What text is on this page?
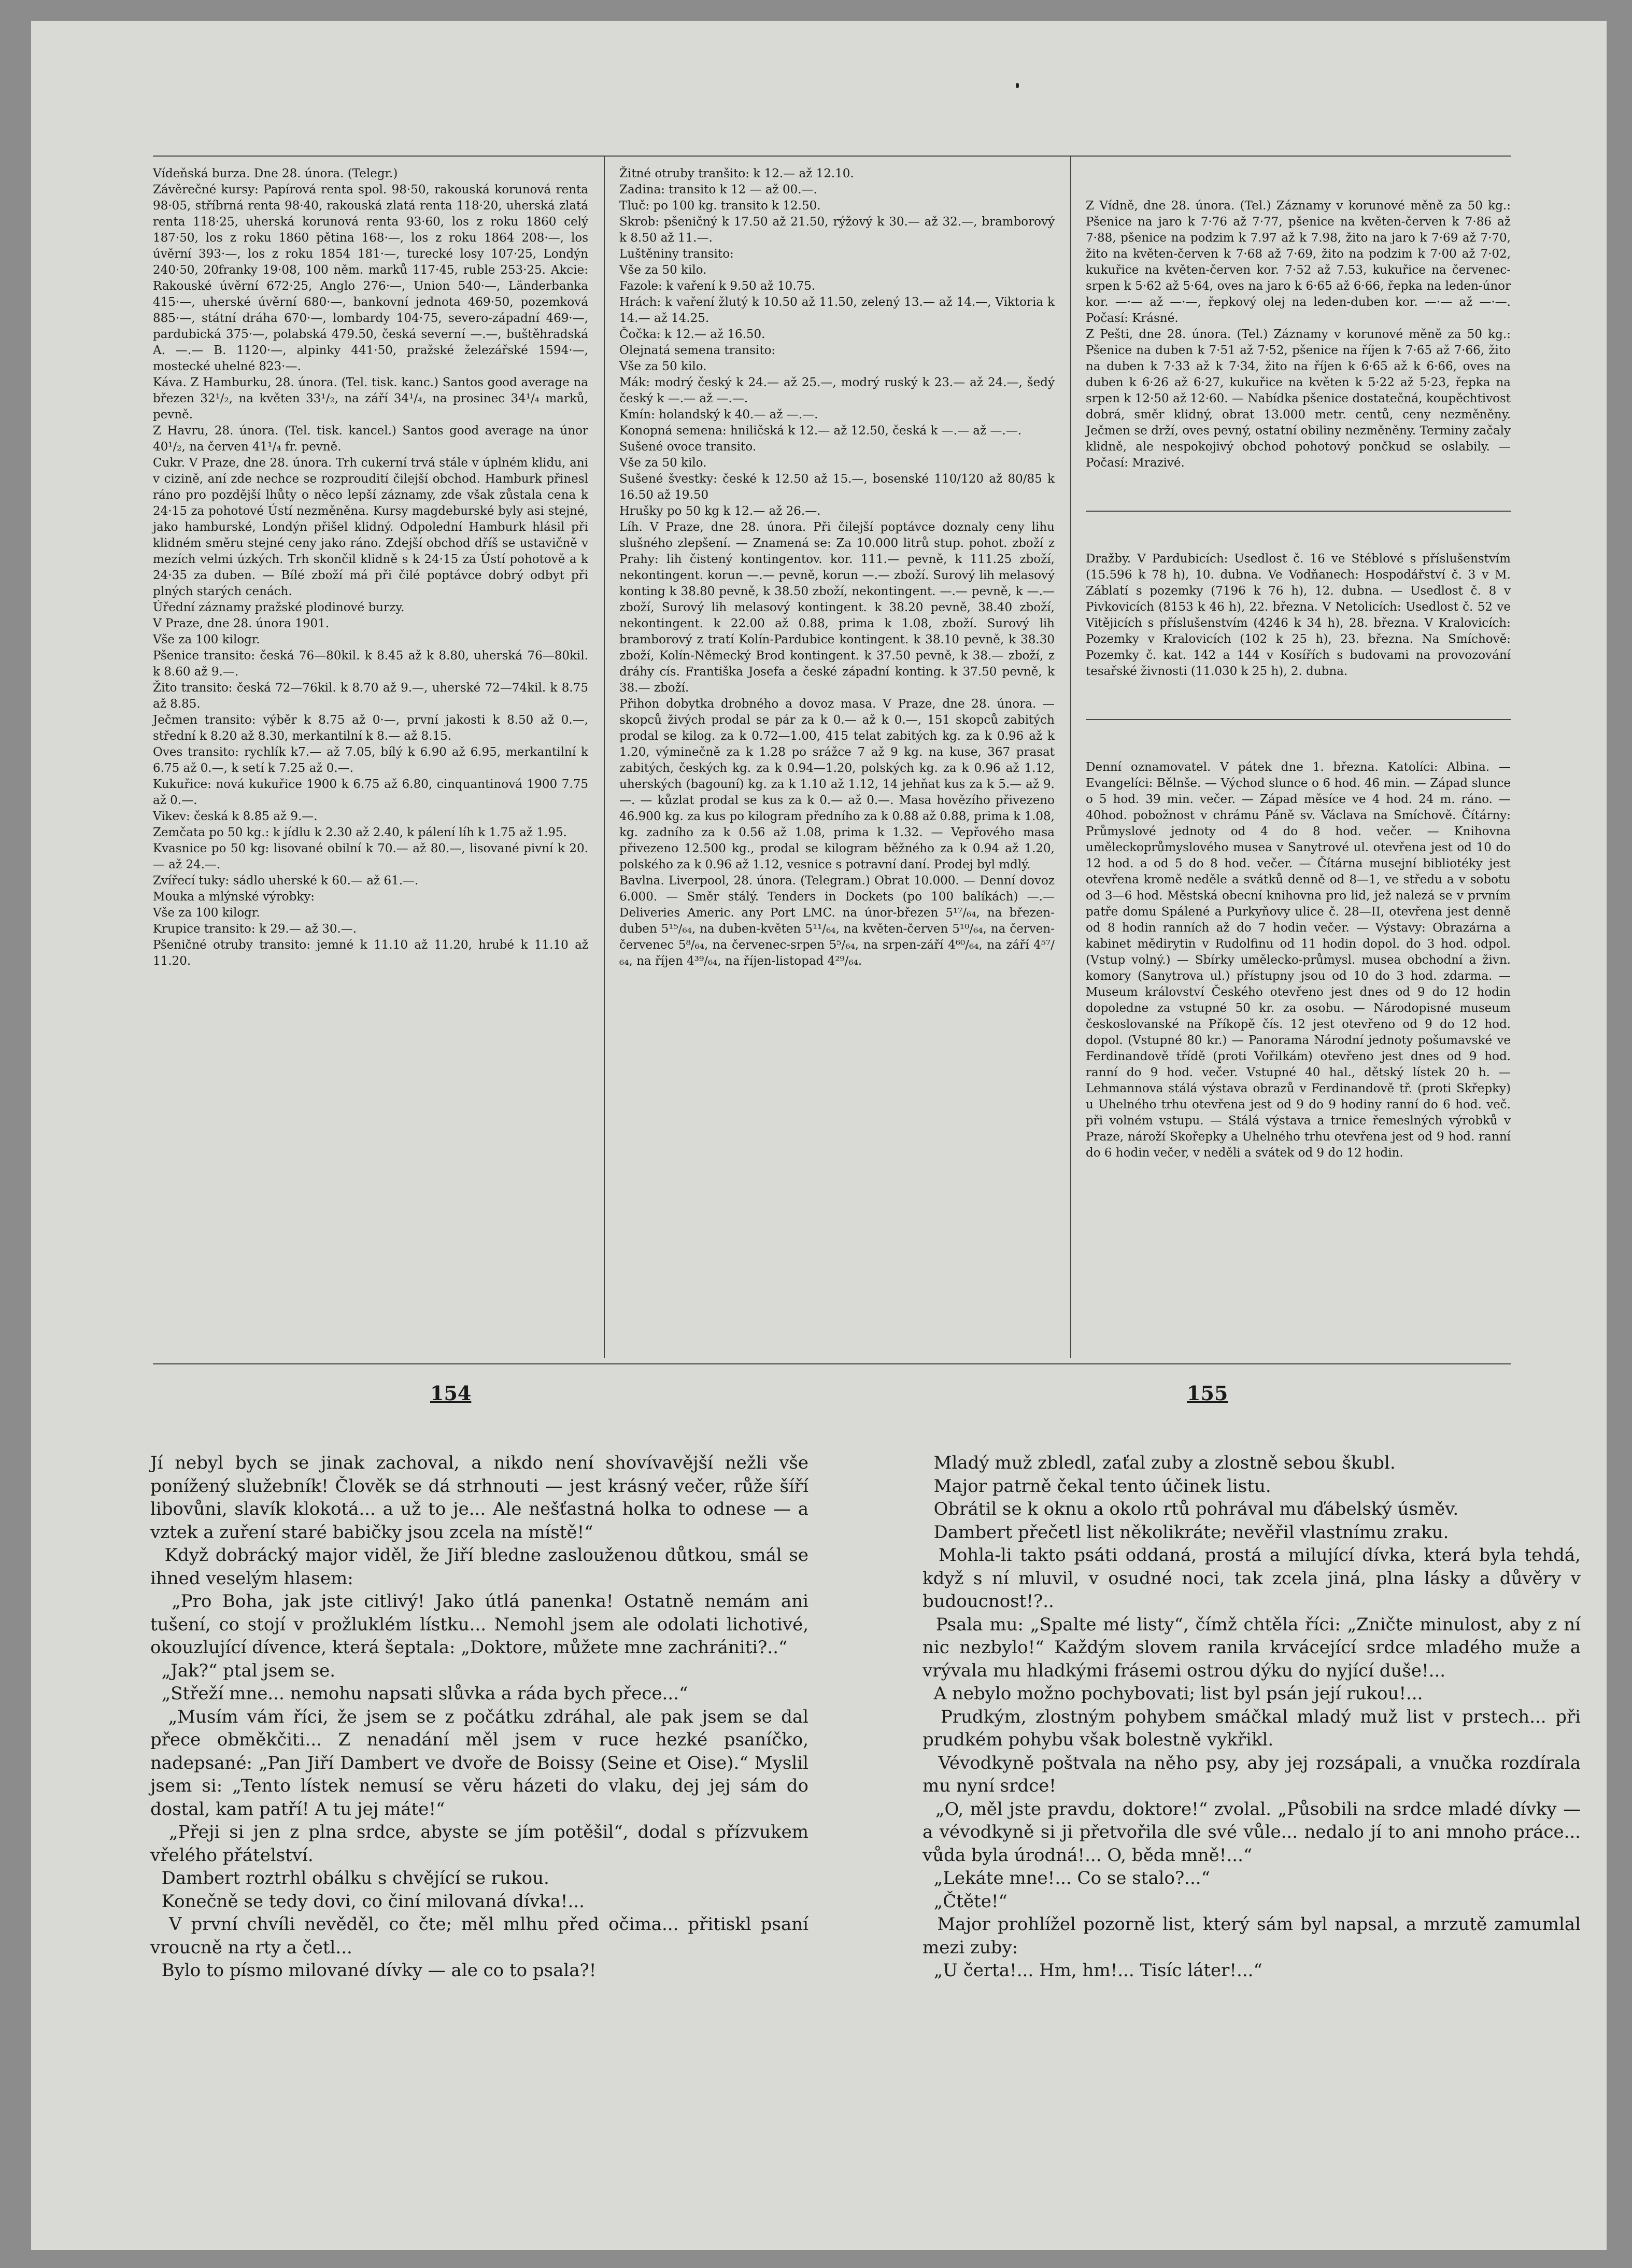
Vídeňská burza. Dne 28. února. (Telegr.)
Závěrečné kursy: Papírová renta spol. 98·50, rakouská korunová renta 98·05, stříbrná renta 98·40, rakouská zlatá renta 118·20, uherská zlatá renta 118·25, uherská korunová renta 93·60, los z roku 1860 celý 187·50, los z roku 1860 pětina 168·—, los z roku 1864 208·—, los úvěrní 393·—, los z roku 1854 181·—, turecké losy 107·25, Londýn 240·50, 20franky 19·08, 100 něm. marků 117·45, ruble 253·25. Akcie: Rakouské úvěrní 672·25, Anglo 276·—, Union 540·—, Länderbanka 415·—, uherské úvěrní 680·—, bankovní jednota 469·50, pozemková 885·—, státní dráha 670·—, lombardy 104·75, severo-západní 469·—, pardubická 375·—, polabská 479.50, česká severní —.—, buštěhradská A. —.— B. 1120·—, alpinky 441·50, pražské železářské 1594·—, mostecké uhelné 823·—.
Káva. Z Hamburku, 28. února. (Tel. tisk. kanc.) Santos good average na březen 32¹/₂, na květen 33¹/₂, na září 34¹/₄, na prosinec 34¹/₄ marků, pevně.
Z Havru, 28. února. (Tel. tisk. kancel.) Santos good average na únor 40¹/₂, na červen 41¹/₄ fr. pevně.
Cukr. V Praze, dne 28. února. Trh cukerní trvá stále v úplném klidu, ani v cizině, aní zde nechce se rozproudití čilejší obchod. Hamburk přinesl ráno pro pozdější lhůty o něco lepší záznamy, zde však zůstala cena k 24·15 za pohotové Ústí nezměněna. Kursy magdeburské byly asi stejné, jako hamburské, Londýn přišel klidný. Odpolední Hamburk hlásil při klidném směru stejné ceny jako ráno. Zdejší obchod dříš se ustavičně v mezích velmi úzkých. Trh skončil klidně s k 24·15 za Ústí pohotově a k 24·35 za duben. — Bílé zboží má při čilé poptávce dobrý odbyt při plných starých cenách.
Úřední záznamy pražské plodinové burzy.
V Praze, dne 28. února 1901.
Vše za 100 kilogr.
Pšenice transito: česká 76—80kil. k 8.45 až k 8.80, uherská 76—80kil. k 8.60 až 9.—.
Žito transito: česká 72—76kil. k 8.70 až 9.—, uherské 72—74kil. k 8.75 až 8.85.
Ječmen transito: výběr k 8.75 až 0·—, první jakosti k 8.50 až 0.—, střední k 8.20 až 8.30, merkantilní k 8.— až 8.15.
Oves transito: rychlík k7.— až 7.05, bílý k 6.90 až 6.95, merkantilní k 6.75 až 0.—, k setí k 7.25 až 0.—.
Kukuřice: nová kukuřice 1900 k 6.75 až 6.80, cinquantinová 1900 7.75 až 0.—.
Vikev: česká k 8.85 až 9.—.
Zemčata po 50 kg.: k jídlu k 2.30 až 2.40, k pálení líh k 1.75 až 1.95.
Kvasnice po 50 kg: lisované obilní k 70.— až 80.—, lisované pivní k 20.— až 24.—.
Zvířecí tuky: sádlo uherské k 60.— až 61.—.
Mouka a mlýnské výrobky:
Vše za 100 kilogr.
Krupice transito: k 29.— až 30.—.
Pšeničné otruby transito: jemné k 11.10 až 11.20, hrubé k 11.10 až 11.20.
Žitné otruby tranšito: k 12.— až 12.10.
Zadina: transito k 12 — až 00.—.
Tluč: po 100 kg. transito k 12.50.
Skrob: pšeničný k 17.50 až 21.50, rýžový k 30.— až 32.—, bramborový k 8.50 až 11.—.
Luštěniny transito:
Vše za 50 kilo.
Fazole: k vaření k 9.50 až 10.75.
Hrách: k vaření žlutý k 10.50 až 11.50, zelený 13.— až 14.—, Viktoria k 14.— až 14.25.
Čočka: k 12.— až 16.50.
Olejnatá semena transito:
Vše za 50 kilo.
Mák: modrý český k 24.— až 25.—, modrý ruský k 23.— až 24.—, šedý český k —.— až —.—.
Kmín: holandský k 40.— až —.—.
Konopná semena: hniličská k 12.— až 12.50, česká k —.— až —.—.
Sušené ovoce transito.
Vše za 50 kilo.
Sušené švestky: české k 12.50 až 15.—, bosenské 110/120 až 80/85 k 16.50 až 19.50
Hrušky po 50 kg k 12.— až 26.—.
Líh. V Praze, dne 28. února. Při čilejší poptávce doznaly ceny lihu slušného zlepšení. — Znamená se: Za 10.000 litrů stup. pohot. zboží z Prahy: lih čistený kontingentov. kor. 111.— pevně, k 111.25 zboží, nekontingent. korun —.— pevně, korun —.— zboží. Surový lih melasový konting k 38.80 pevně, k 38.50 zboží, nekontingent. —.— pevně, k —.— zboží, Surový lih melasový kontingent. k 38.20 pevně, 38.40 zboží, nekontingent. k 22.00 až 0.88, prima k 1.08, zboží. Surový lih bramborový z tratí Kolín-Pardubice kontingent. k 38.10 pevně, k 38.30 zboží, Kolín-Německý Brod kontingent. k 37.50 pevně, k 38.— zboží, z dráhy cís. Františka Josefa a české západní konting. k 37.50 pevně, k 38.— zboží.
Přihon dobytka drobného a dovoz masa. V Praze, dne 28. února. — skopců živých prodal se pár za k 0.— až k 0.—, 151 skopců zabitých prodal se kilog. za k 0.72—1.00, 415 telat zabitých kg. za k 0.96 až k 1.20, výminečně za k 1.28 po srážce 7 až 9 kg. na kuse, 367 prasat zabitých, českých kg. za k 0.94—1.20, polských kg. za k 0.96 až 1.12, uherských (bagouní) kg. za k 1.10 až 1.12, 14 jehňat kus za k 5.— až 9.—. — kůzlat prodal se kus za k 0.— až 0.—. Masa hovězího přivezeno 46.900 kg. za kus po kilogram předního za k 0.88 až 0.88, prima k 1.08, kg. zadního za k 0.56 až 1.08, prima k 1.32. — Vepřového masa přivezeno 12.500 kg., prodal se kilogram běžného za k 0.94 až 1.20, polského za k 0.96 až 1.12, vesnice s potravní daní. Prodej byl mdlý.
Bavlna. Liverpool, 28. února. (Telegram.) Obrat 10.000. — Denní dovoz 6.000. — Směr stálý. Tenders in Dockets (po 100 balíkách) —.— Deliveries Americ. any Port LMC. na únor-březen 5¹⁷/₆₄, na březen-duben 5¹⁵/₆₄, na duben-květen 5¹¹/₆₄, na květen-červen 5¹⁰/₆₄, na červen-červenec 5⁸/₆₄, na červenec-srpen 5⁵/₆₄, na srpen-září 4⁶⁰/₆₄, na září 4⁵⁷/₆₄, na říjen 4³⁹/₆₄, na říjen-listopad 4²⁹/₆₄.

Z Vídně, dne 28. února. (Tel.) Záznamy v korunové měně za 50 kg.: Pšenice na jaro k 7·76 až 7·77, pšenice na květen-červen k 7·86 až 7·88, pšenice na podzim k 7.97 až k 7.98, žito na jaro k 7·69 až 7·70, žito na květen-červen k 7·68 až 7·69, žito na podzim k 7·00 až 7·02, kukuřice na květen-červen kor. 7·52 až 7.53, kukuřice na červenec-srpen k 5·62 až 5·64, oves na jaro k 6·65 až 6·66, řepka na leden-únor kor. —·— až —·—, řepkový olej na leden-duben kor. —·— až —·—. Počasí: Krásné.
Z Pešti, dne 28. února. (Tel.) Záznamy v korunové měně za 50 kg.: Pšenice na duben k 7·51 až 7·52, pšenice na říjen k 7·65 až 7·66, žito na duben k 7·33 až k 7·34, žito na říjen k 6·65 až k 6·66, oves na duben k 6·26 až 6·27, kukuřice na květen k 5·22 až 5·23, řepka na srpen k 12·50 až 12·60. — Nabídka pšenice dostatečná, koupěchtivost dobrá, směr klidný, obrat 13.000 metr. centů, ceny nezměněny. Ječmen se drží, oves pevný, ostatní obiliny nezměněny. Terminy začaly klidně, ale nespokojivý obchod pohotový pončkud se oslabily. — Počasí: Mrazivé.

Dražby. V Pardubicích: Usedlost č. 16 ve Stéblové s příslušenstvím (15.596 k 78 h), 10. dubna. Ve Vodňanech: Hospodářství č. 3 v M. Záblatí s pozemky (7196 k 76 h), 12. dubna. — Usedlost č. 8 v Pivkovicích (8153 k 46 h), 22. března. V Netolicích: Usedlost č. 52 ve Vitějicích s příslušenstvím (4246 k 34 h), 28. března. V Kralovicích: Pozemky v Kralovicích (102 k 25 h), 23. března. Na Smíchově: Pozemky č. kat. 142 a 144 v Kosířích s budovami na provozování tesařské živnosti (11.030 k 25 h), 2. dubna.

Denní oznamovatel. V pátek dne 1. března. Katolíci: Albina. — Evangelíci: Bělnše. — Východ slunce o 6 hod. 46 min. — Západ slunce o 5 hod. 39 min. večer. — Západ měsíce ve 4 hod. 24 m. ráno. — 40hod. pobožnost v chrámu Páně sv. Václava na Smíchově. Čítárny: Průmyslové jednoty od 4 do 8 hod. večer. — Knihovna uměleckoprůmyslového musea v Sanytrové ul. otevřena jest od 10 do 12 hod. a od 5 do 8 hod. večer. — Čítárna musejní bibliotéky jest otevřena kromě neděle a svátků denně od 8—1, ve středu a v sobotu od 3—6 hod. Městská obecní knihovna pro lid, jež nalezá se v prvním patře domu Spálené a Purkyňovy ulice č. 28—II, otevřena jest denně od 8 hodin ranních až do 7 hodin večer. — Výstavy: Obrazárna a kabinet mědirytin v Rudolfinu od 11 hodin dopol. do 3 hod. odpol. (Vstup volný.) — Sbírky umělecko-průmysl. musea obchodní a živn. komory (Sanytrova ul.) přístupny jsou od 10 do 3 hod. zdarma. — Museum království Českého otevřeno jest dnes od 9 do 12 hodin dopoledne za vstupné 50 kr. za osobu. — Národopisné museum českoslovanské na Příkopě čís. 12 jest otevřeno od 9 do 12 hod. dopol. (Vstupné 80 kr.) — Panorama Národní jednoty pošumavské ve Ferdinandově třídě (proti Vořilkám) otevřeno jest dnes od 9 hod. ranní do 9 hod. večer. Vstupné 40 hal., dětský lístek 20 h. — Lehmannova stálá výstava obrazů v Ferdinandově tř. (proti Skřepky) u Uhelného trhu otevřena jest od 9 do 9 hodiny ranní do 6 hod. več. při volném vstupu. — Stálá výstava a trnice řemeslných výrobků v Praze, nároží Skořepky a Uhelného trhu otevřena jest od 9 hod. ranní do 6 hodin večer, v neděli a svátek od 9 do 12 hodin.

154	155
Jí nebyl bych se jinak zachoval, a nikdo není shovívavější nežli vše ponížený služebník! Člověk se dá strhnouti — jest krásný večer, růže šíří libovůni, slavík klokotá... a už to je... Ale nešťastná holka to odnese — a vztek a zuření staré babičky jsou zcela na místě!“
Když dobrácký major viděl, že Jiří bledne zaslouženou důtkou, smál se ihned veselým hlasem:
„Pro Boha, jak jste citlivý! Jako útlá panenka! Ostatně nemám ani tušení, co stojí v prožluklém lístku... Nemohl jsem ale odolati lichotivé, okouzlující dívence, která šeptala: „Doktore, můžete mne zachrániti?..“
„Jak?“ ptal jsem se.
„Střeží mne... nemohu napsati slůvka a ráda bych přece...“
„Musím vám říci, že jsem se z počátku zdráhal, ale pak jsem se dal přece obměkčiti... Z nenadání měl jsem v ruce hezké psaníčko, nadepsané: „Pan Jiří Dambert ve dvoře de Boissy (Seine et Oise).“ Myslil jsem si: „Tento lístek nemusí se věru házeti do vlaku, dej jej sám do dostal, kam patří! A tu jej máte!“
„Přeji si jen z plna srdce, abyste se jím potěšil“, dodal s přízvukem vřelého přátelství.
Dambert roztrhl obálku s chvějící se rukou.
Konečně se tedy dovi, co činí milovaná dívka!...
V první chvíli nevěděl, co čte; měl mlhu před očima... přitiskl psaní vroucně na rty a četl...
Bylo to písmo milované dívky — ale co to psala?!
Mladý muž zbledl, zaťal zuby a zlostně sebou škubl.
Major patrně čekal tento účinek listu.
Obrátil se k oknu a okolo rtů pohrával mu ďábelský úsměv.
Dambert přečetl list několikráte; nevěřil vlastnímu zraku.
Mohla-li takto psáti oddaná, prostá a milující dívka, která byla tehdá, když s ní mluvil, v osudné noci, tak zcela jiná, plna lásky a důvěry v budoucnost!?..
Psala mu: „Spalte mé listy“, čímž chtěla říci: „Zničte minulost, aby z ní nic nezbylo!“ Každým slovem ranila krvácející srdce mladého muže a vrývala mu hladkými frásemi ostrou dýku do nyjící duše!...
A nebylo možno pochybovati; list byl psán její rukou!...
Prudkým, zlostným pohybem smáčkal mladý muž list v prstech... při prudkém pohybu však bolestně vykřikl.
Vévodkyně poštvala na něho psy, aby jej rozsápali, a vnučka rozdírala mu nyní srdce!
„O, měl jste pravdu, doktore!“ zvolal. „Působili na srdce mladé dívky — a vévodkyně si ji přetvořila dle své vůle... nedalo jí to ani mnoho práce... vůda byla úrodná!... O, běda mně!...“
„Lekáte mne!... Co se stalo?...“
„Čtěte!“
Major prohlížel pozorně list, který sám byl napsal, a mrzutě zamumlal mezi zuby:
„U čerta!... Hm, hm!... Tisíc láter!...“
